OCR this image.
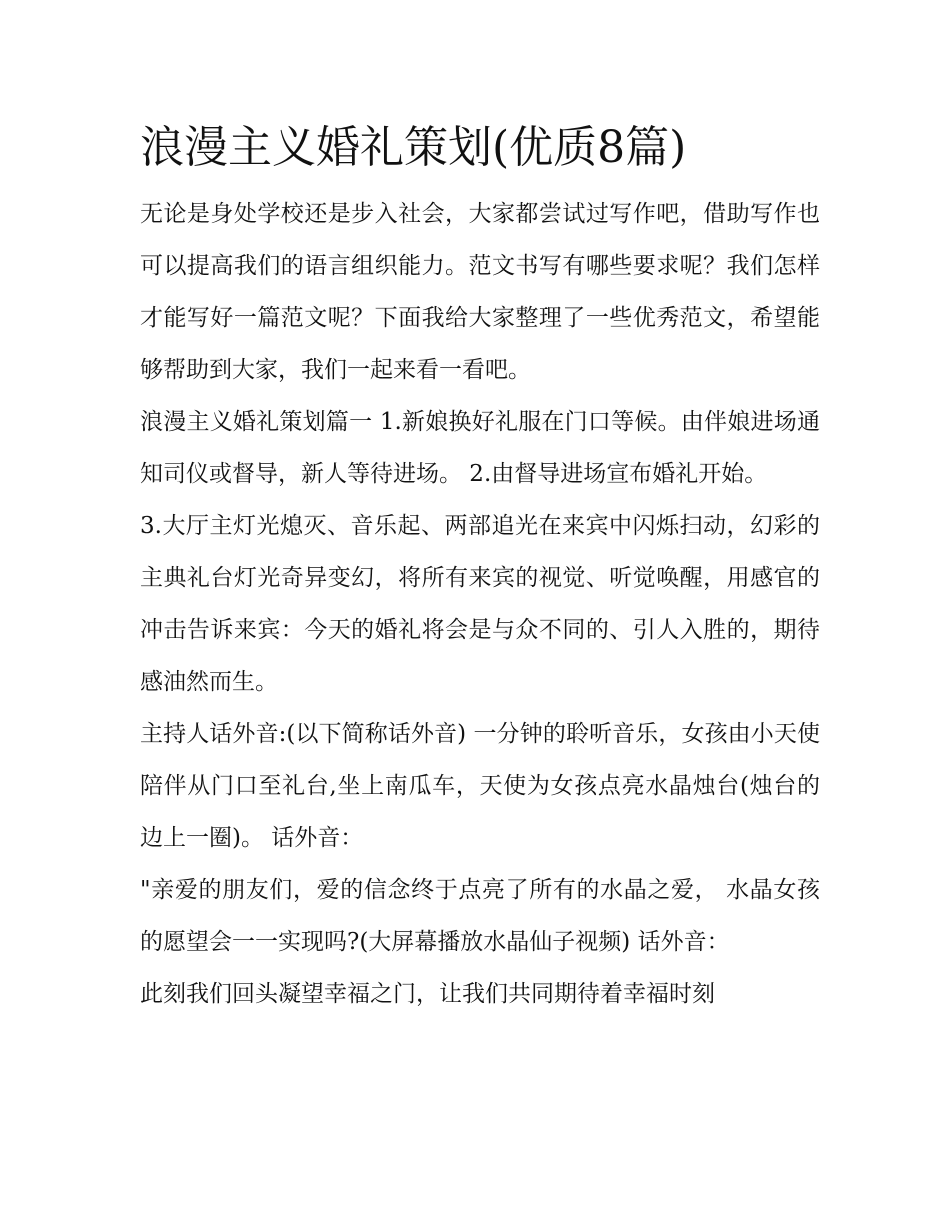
浪漫主义婚礼策划(优质8篇)

无论是身处学校还是步入社会，大家都尝试过写作吧，借助写作也可以提高我们的语言组织能力。范文书写有哪些要求呢？我们怎样才能写好一篇范文呢？下面我给大家整理了一些优秀范文，希望能够帮助到大家，我们一起来看一看吧。

浪漫主义婚礼策划篇一 1.新娘换好礼服在门口等候。由伴娘进场通知司仪或督导，新人等待进场。 2.由督导进场宣布婚礼开始。

3.大厅主灯光熄灭、音乐起、两部追光在来宾中闪烁扫动，幻彩的主典礼台灯光奇异变幻，将所有来宾的视觉、听觉唤醒，用感官的冲击告诉来宾：今天的婚礼将会是与众不同的、引人入胜的，期待感油然而生。

主持人话外音:(以下简称话外音) 一分钟的聆听音乐，女孩由小天使陪伴从门口至礼台,坐上南瓜车，天使为女孩点亮水晶烛台(烛台的边上一圈)。 话外音：

"亲爱的朋友们，爱的信念终于点亮了所有的水晶之爱， 水晶女孩的愿望会一一实现吗?(大屏幕播放水晶仙子视频) 话外音：

此刻我们回头凝望幸福之门，让我们共同期待着幸福时刻
